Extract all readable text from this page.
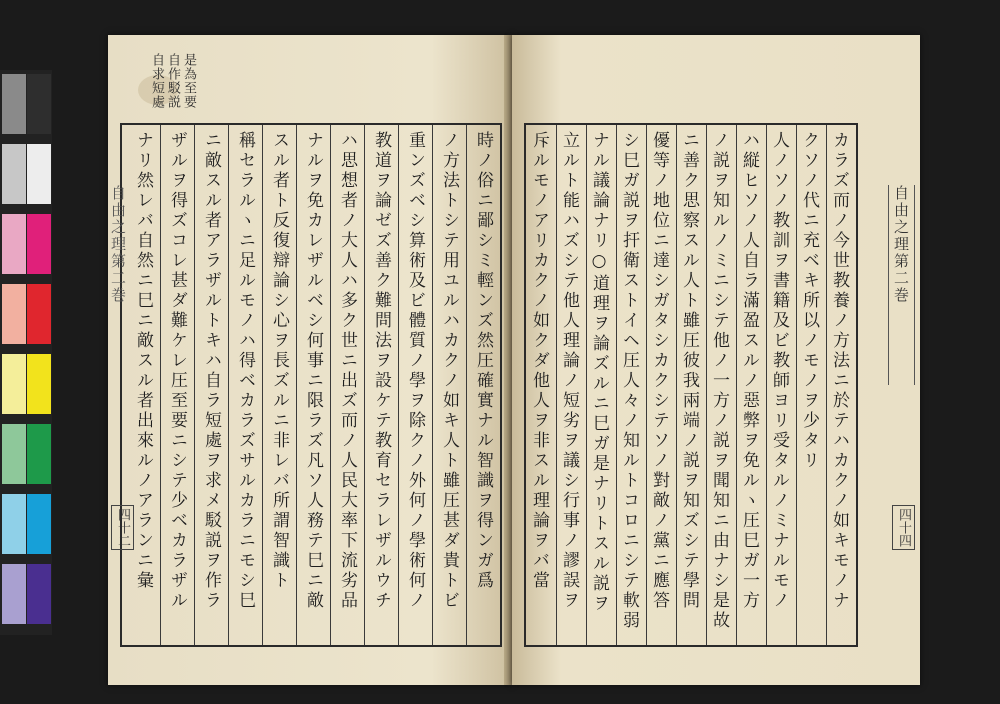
是為至要 自作駁説 自求短處
時ノ俗ニ鄙シミ輕ンズ然圧確實ナル智識ヲ得ンガ爲
ノ方法トシテ用ユルハカクノ如キ人ト雖圧甚ダ貴トビ
重ンズベシ算術及ビ體質ノ學ヲ除クノ外何ノ學術何ノ
教道ヲ論ゼズ善ク難問法ヲ設ケテ教育セラレザルウチ
ハ思想者ノ大人ハ多ク世ニ出ズ而ノ人民大率下流劣品
ナルヲ免カレザルベシ何事ニ限ラズ凡ソ人務テ巳ニ敵
スル者ト反復辯論シ心ヲ長ズルニ非レバ所謂智識ト
稱セラルヽニ足ルモノハ得ベカラズサルカラニモシ巳
ニ敵スル者アラザルトキハ自ラ短處ヲ求メ駁説ヲ作ラ
ザルヲ得ズコレ甚ダ難ケレ圧至要ニシテ少ベカラザル
ナリ然レバ自然ニ巳ニ敵スル者出來ルノアランニ彙
自由之理第二巻
四十二	カラズ而ノ今世教養ノ方法ニ於テハカクノ如キモノナ
クソノ代ニ充ベキ所以ノモノヲ少タリ
人ノソノ教訓ヲ書籍及ビ教師ヨリ受タルノミナルモノ
ハ縦ヒソノ人自ラ滿盈スルノ惡弊ヲ免ルヽ圧巳ガ一方
ノ説ヲ知ルノミニシテ他ノ一方ノ説ヲ聞知ニ由ナシ是故
ニ善ク思察スル人ト雖圧彼我兩端ノ説ヲ知ズシテ學問
優等ノ地位ニ達シガタシカクシテソノ對敵ノ黨ニ應答
シ巳ガ説ヲ扞衛ストイヘ圧人々ノ知ルトコロニシテ軟弱
ナル議論ナリ○道理ヲ論ズルニ巳ガ是ナリトスル説ヲ
立ルト能ハズシテ他人理論ノ短劣ヲ議シ行事ノ謬誤ヲ
斥ルモノアリカクノ如クダ他人ヲ非スル理論ヲバ當	自由之理第二巻
四十四
